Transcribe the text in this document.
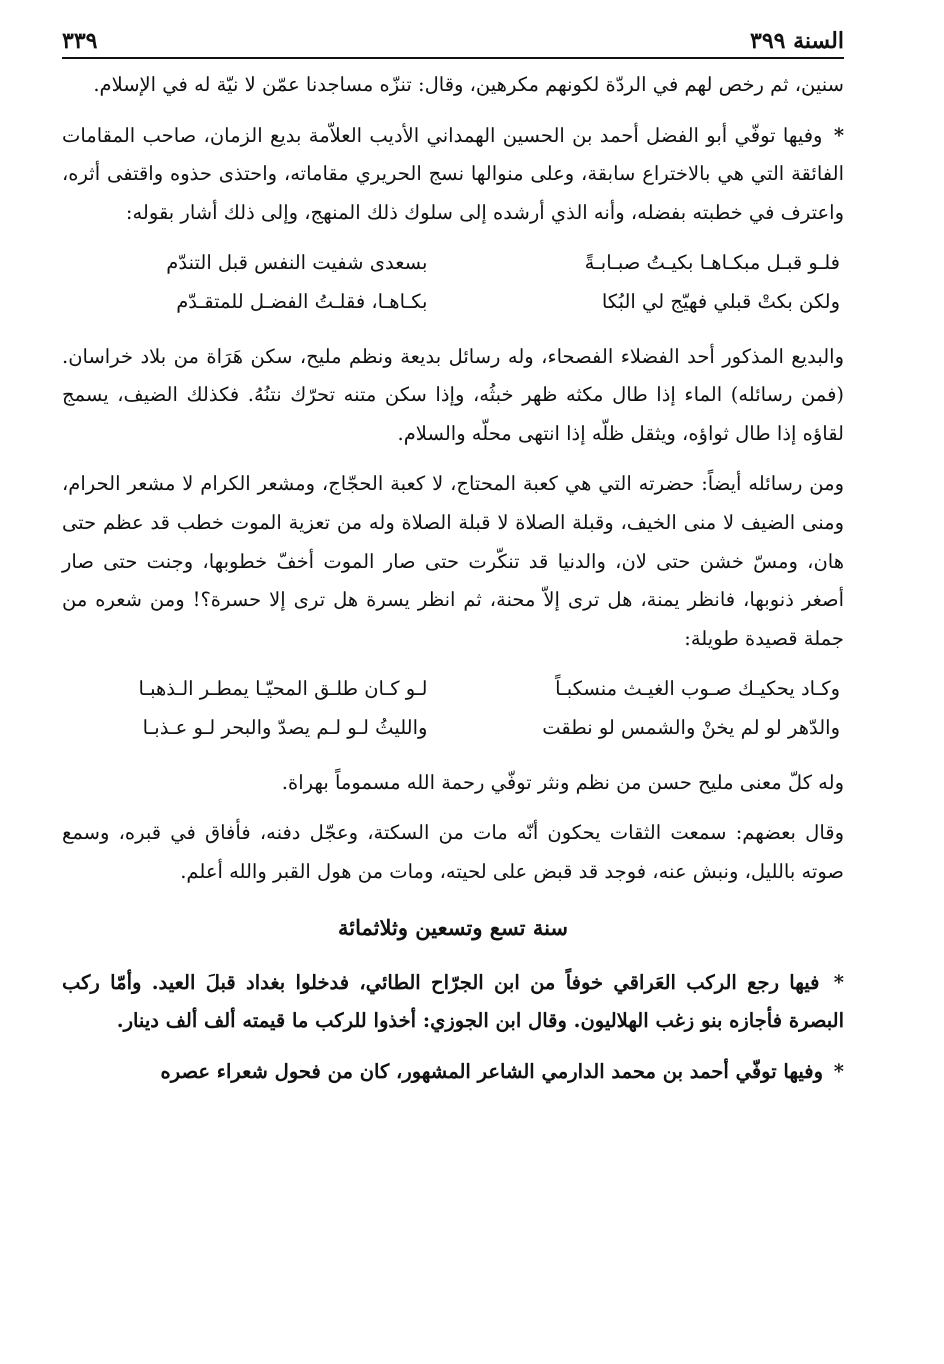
السنة ٣٩٩
٣٣٩

سنين، ثم رخص لهم في الردّة لكونهم مكرهين، وقال: تنزّه مساجدنا عمّن لا نيّة له في الإسلام.

* وفيها توفّي أبو الفضل أحمد بن الحسين الهمداني الأديب العلاّمة بديع الزمان، صاحب المقامات الفائقة التي هي بالاختراع سابقة، وعلى منوالها نسج الحريري مقاماته، واحتذى حذوه واقتفى أثره، واعترف في خطبته بفضله، وأنه الذي أرشده إلى سلوك ذلك المنهج، وإلى ذلك أشار بقوله:

فلـو قبـل مبكـاهـا بكيـتُ صبـابـةً
بسعدى شفيت النفس قبل التندّم
ولكن بكتْ قبلي فهيّج لي البُكا
بكـاهـا، فقلـتُ الفضـل للمتقـدّم

والبديع المذكور أحد الفضلاء الفصحاء، وله رسائل بديعة ونظم مليح، سكن هَرَاة من بلاد خراسان. (فمن رسائله) الماء إذا طال مكثه ظهر خبثُه، وإذا سكن متنه تحرّك نتنُهُ. فكذلك الضيف، يسمج لقاؤه إذا طال ثواؤه، ويثقل ظلّه إذا انتهى محلّه والسلام.

ومن رسائله أيضاً: حضرته التي هي كعبة المحتاج، لا كعبة الحجّاج، ومشعر الكرام لا مشعر الحرام، ومنى الضيف لا منى الخيف، وقبلة الصلاة لا قبلة الصلاة وله من تعزية الموت خطب قد عظم حتى هان، ومسّ خشن حتى لان، والدنيا قد تنكّرت حتى صار الموت أخفّ خطوبها، وجنت حتى صار أصغر ذنوبها، فانظر يمنة، هل ترى إلاّ محنة، ثم انظر يسرة هل ترى إلا حسرة؟! ومن شعره من جملة قصيدة طويلة:

وكـاد يحكيـك صـوب الغيـث منسكبـاً
لـو كـان طلـق المحيّـا يمطـر الـذهبـا
والدّهر لو لم يخنْ والشمس لو نطقت
والليثُ لـو لـم يصدّ والبحر لـو عـذبـا

وله كلّ معنى مليح حسن من نظم ونثر توفّي رحمة الله مسموماً بهراة.

وقال بعضهم: سمعت الثقات يحكون أنّه مات من السكتة، وعجّل دفنه، فأفاق في قبره، وسمع صوته بالليل، ونبش عنه، فوجد قد قبض على لحيته، ومات من هول القبر والله أعلم.

سنة تسع وتسعين وثلاثمائة

* فيها رجع الركب العَراقي خوفاً من ابن الجرّاح الطائي، فدخلوا بغداد قبلَ العيد. وأمّا ركب البصرة فأجازه بنو زغب الهلاليون. وقال ابن الجوزي: أخذوا للركب ما قيمته ألف ألف دينار.

* وفيها توفّي أحمد بن محمد الدارمي الشاعر المشهور، كان من فحول شعراء عصره
